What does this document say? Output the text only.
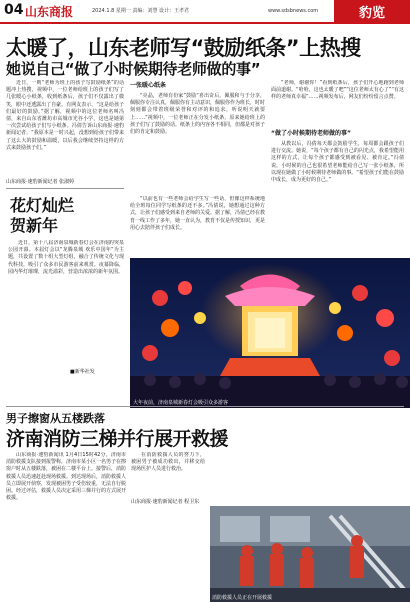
04 山东商报	2024.1.8 星期一 责编：刘慧 设计：王孝君	www.sdsbnews.com	豹览
太暖了，山东老师写“鼓励纸条”上热搜
她说自己“做了小时候期待老师做的事”
近日，一则“老师为班上的孩子写鼓励纸条”的话题冲上热搜，视频中，一位老师给班上的孩子们写了几张暖心小纸条，收到纸条后，孩子们不仅露出了微笑，眼中还透露出了自豪。有网友表示，“这是给孩子们最好的鼓励。”据了解，视频中的这位老师名叫冯倩，来自山东省潍坊市高城市光谷小学，这也是她第一次尝试给孩子们写小纸条。冯倩告诉山东商报·速豹新闻记者，“我原本是一时兴起，没想到给孩子们带来了这么大的鼓励和温暖，以后我会继续坚持这样的方式来鼓励孩子们。”
山东商报·速豹新闻记者 张淑婷
一张暖心纸条
“亮晶，老师有份家”鼓励“喜出奇后，佩服和与于分享，佩服你专注认真，佩服你有主动意识，佩服你作为班长，时时刻刻都会带着班级荣誉和对评的和追求，听说明天就要上……”视频中，一位老师正在分发小纸条，原来她给班上的孩子们写了鼓励的话。纸条上的内容各不相同，但都是对孩子们的肯定和鼓励。
“以前也有一些老师会给学生写一些话，但像这样系统地给全班每位同学写纸条的还不多。”冯倩说，她想通过这种方式，让孩子们感受到来自老师的关爱。据了解，冯倩已经在教育一线工作了多年，她一直认为，教育不仅是传授知识，更是用心去陪伴孩子们成长。
“老师，谢谢你！”看到纸条后，孩子们开心地跑到老师面前道谢。“哈哈，这也太暖了吧”“这位老师太有心了”“有这样的老师真幸福”……视频发布后，网友们纷纷留言点赞。
“做了小时候期待老师做的事”
从教以后，冯倩每天都会鼓励学生，每周都会跟孩子们进行交流。她说，“每个孩子都有自己的闪光点，我希望能用这样的方式，让每个孩子都感受到被看见、被肯定。”冯倩说，小时候的自己也很希望老师能给自己写一张小纸条，所以现在她做了小时候期待老师做的事。“希望孩子们能在鼓励中成长，成为更好的自己。”
花灯灿烂
贺新年
近日，第十八届济南泉城新春灯会在济南趵突泉公园开幕。本届灯会以“龙腾泉城 欢乐中国年”为主题，共设置了数十组大型灯组，融合了传统文化与现代科技，吸引了众多市民游客前来观赏。夜幕降临，园内华灯璀璨，流光溢彩，营造出浓浓的新年氛围。
■新华社发
大年夜前，济南泉城新春灯会吸引众多游客
男子擦窗从五楼跌落
济南消防三梯并行展开救援
山东商报·速豹新闻讯 1月4日15时42分，济南市消防救援支队接到报警称，济南市某小区一名男子在擦窗户时从五楼跌落，被困在二楼平台上。接警后，消防救援人员迅速赶赴现场救援。到达现场后，消防救援人员立即展开侦察，发现被困男子受伤较重，无法自行脱困。经过评估，救援人员决定采用三梯并行的方式展开救援。
在消防救援人员的努力下，被困男子被成功救出，并移交给现场医护人员进行救治。
山东商报·速豹新闻记者 程卫东
消防救援人员正在开展救援
